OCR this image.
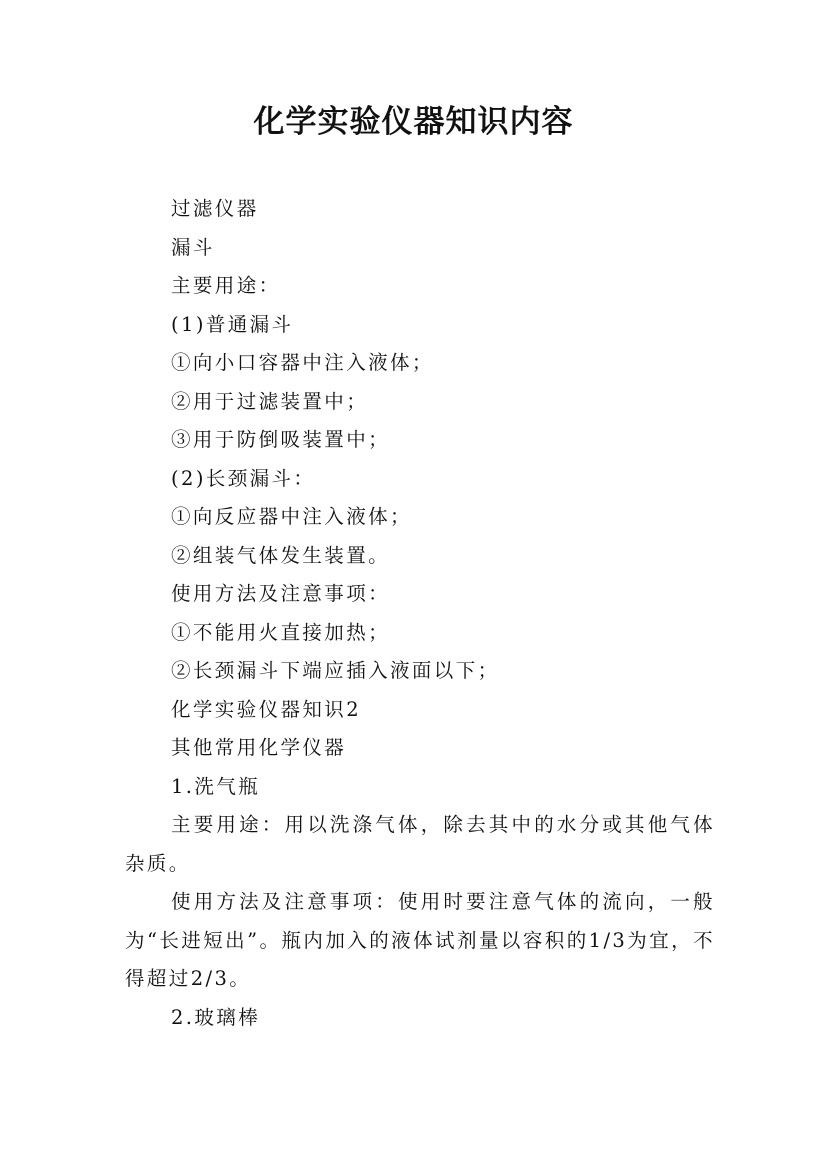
化学实验仪器知识内容

过滤仪器

漏斗

主要用途：

(1)普通漏斗

①向小口容器中注入液体；

②用于过滤装置中；

③用于防倒吸装置中；

(2)长颈漏斗：

①向反应器中注入液体；

②组装气体发生装置。

使用方法及注意事项：

①不能用火直接加热；

②长颈漏斗下端应插入液面以下；

化学实验仪器知识2

其他常用化学仪器

1.洗气瓶

主要用途：用以洗涤气体，除去其中的水分或其他气体杂质。

使用方法及注意事项：使用时要注意气体的流向，一般为“长进短出”。瓶内加入的液体试剂量以容积的1/3为宜，不得超过2/3。

2.玻璃棒
